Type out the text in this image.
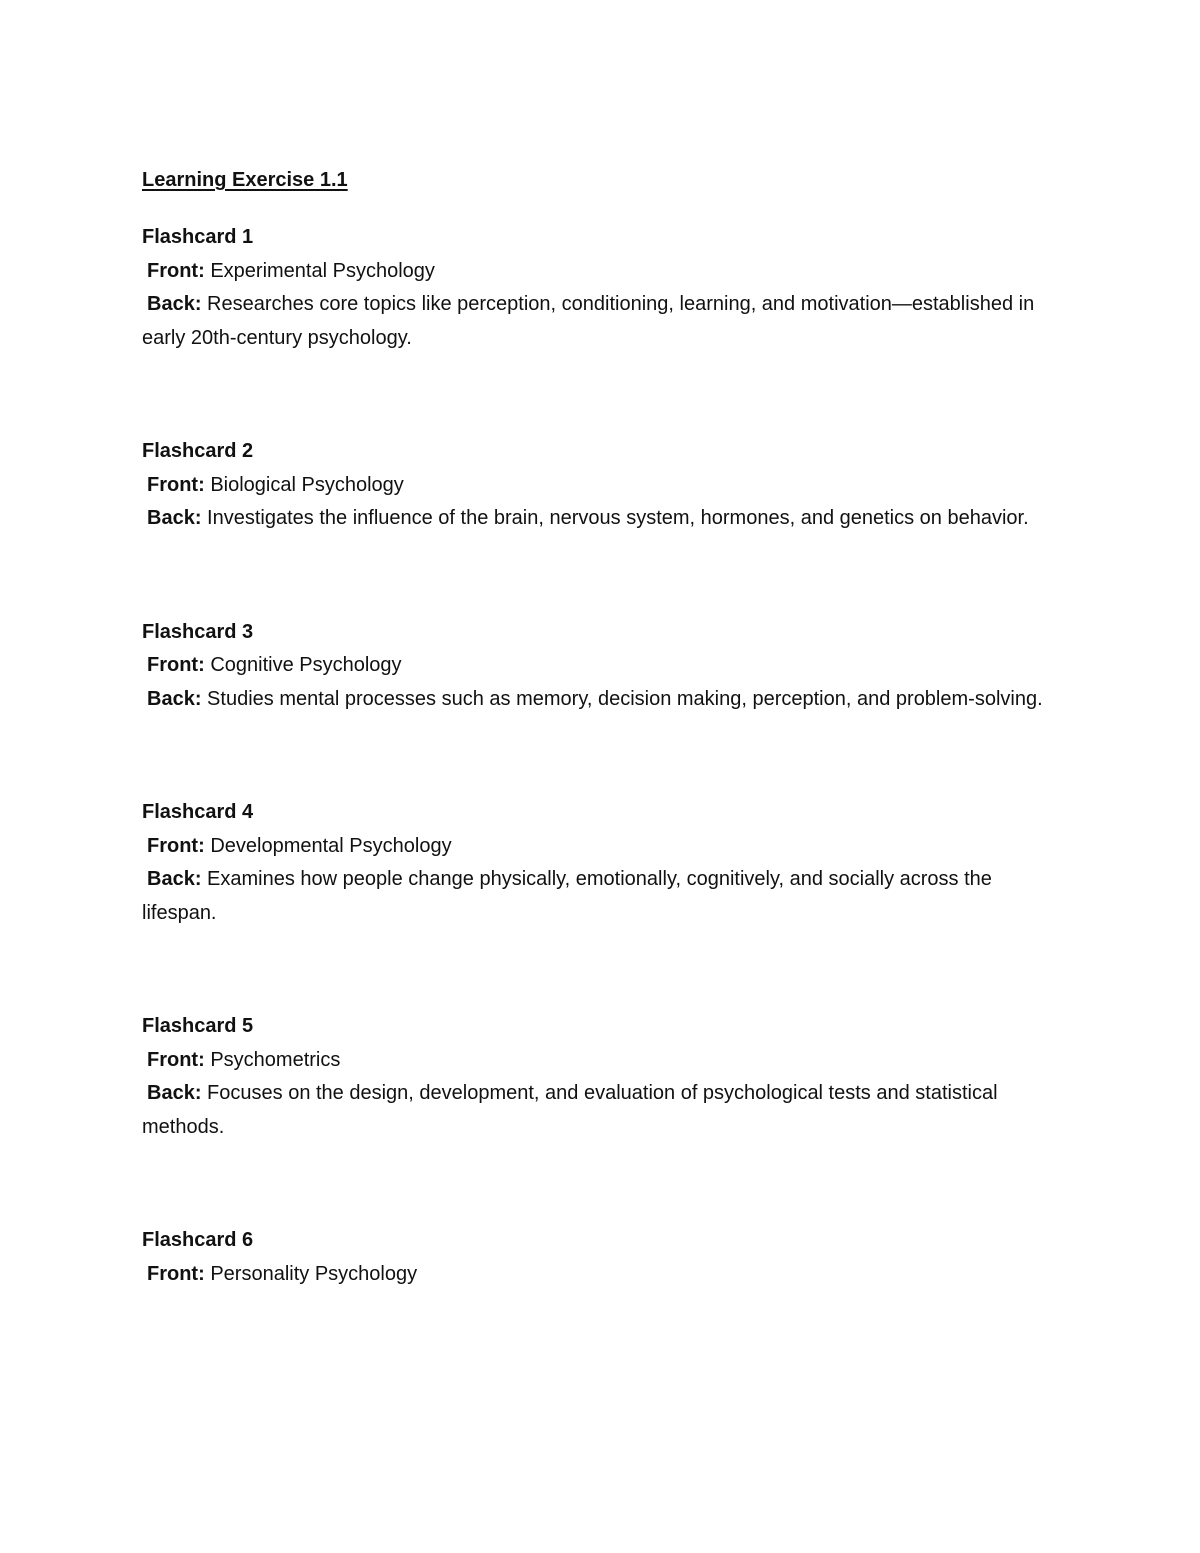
Learning Exercise 1.1
Flashcard 1
Front: Experimental Psychology
Back: Researches core topics like perception, conditioning, learning, and motivation—established in early 20th-century psychology.
Flashcard 2
Front: Biological Psychology
Back: Investigates the influence of the brain, nervous system, hormones, and genetics on behavior.
Flashcard 3
Front: Cognitive Psychology
Back: Studies mental processes such as memory, decision making, perception, and problem-solving.
Flashcard 4
Front: Developmental Psychology
Back: Examines how people change physically, emotionally, cognitively, and socially across the lifespan.
Flashcard 5
Front: Psychometrics
Back: Focuses on the design, development, and evaluation of psychological tests and statistical methods.
Flashcard 6
Front: Personality Psychology
